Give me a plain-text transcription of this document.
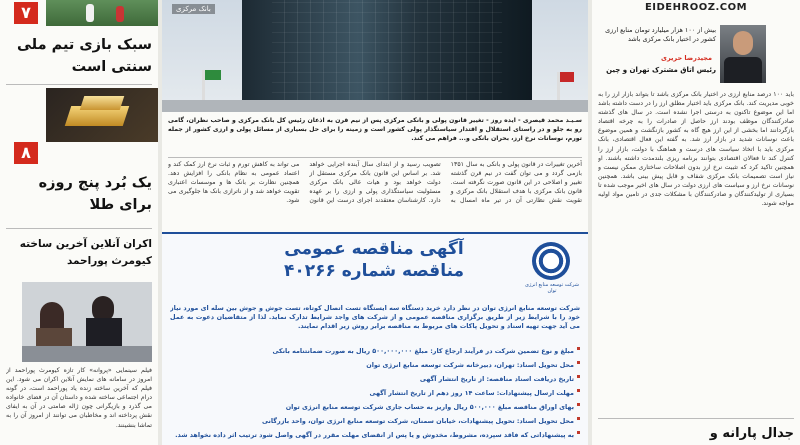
٧
سبک بازی تیم ملی سنتی است
٨
یک بُرد پنج روزه برای طلا
اکران آنلاین آخرین ساخته کیومرث پوراحمد
فیلم سینمایی «پروانه» کار تازه کیومرث پوراحمد از امروز در سامانه های نمایش آنلاین اکران می شود. این فیلم که آخرین ساخته زنده یاد پوراحمد است، در گونه درام اجتماعی ساخته شده و داستان آن در فضای خانواده می گذرد و بازیگرانی چون ژاله صامتی در آن به ایفای نقش پرداخته اند و مخاطبان می توانند از امروز آن را به تماشا بنشینند.
سـیـد محمد قیصری - ایده روز - تغییر قانون پولی و بانکی مرکزی پس از نیم قرن به اذعان رئیس کل بانک مرکزی و صاحب نظران، گامی رو به جلو و در راستای استقلال و اقتدار سیاستگذار پولی کشور است و زمینه را برای حل بسیاری از مسائل پولی و ارزی کشور از جمله تورم، نوسانات نرخ ارز، بحران بانکی و... فراهم می کند.
آخرین تغییرات در قانون پولی و بانکی به سال ۱۳۵۱ بازمی گردد و می توان گفت در نیم قرن گذشته تغییر و اصلاحی در این قانون صورت نگرفته است. قانون بانک مرکزی با هدف استقلال بانک مرکزی و تقویت نقش نظارتی آن در تیر ماه امسال به تصویب رسید و از ابتدای سال آینده اجرایی خواهد شد. بر اساس این قانون بانک مرکزی مستقل از دولت خواهد بود و هیات عالی بانک مرکزی مسئولیت سیاستگذاری پولی و ارزی را بر عهده دارد. کارشناسان معتقدند اجرای درست این قانون می تواند به کاهش تورم و ثبات نرخ ارز کمک کند و اعتماد عمومی به نظام بانکی را افزایش دهد. همچنین نظارت بر بانک ها و موسسات اعتباری تقویت خواهد شد و از ناترازی بانک ها جلوگیری می شود.
بانک مرکزی
شرکت توسعه منابع انرژی توان
آگهی مناقصه عمومی
مناقصه شماره ۴۰۲۶۶
شرکت توسعه منابع انرژی توان در نظر دارد خرید دستگاه سه ایستگاه تست اتصال کوتاه، تست جوش و جوش بین سله ای مورد نیاز خود را با شرایط زیر از طریق برگزاری مناقصه عمومی و از شرکت های واجد شرایط تدارک نماید. لذا از متقاضیان دعوت به عمل می آید جهت تهیه اسناد و تحویل پاکات های مربوط به مناقصه برابر روش زیر اقدام نمایند.
مبلغ و نوع تضمین شرکت در فرآیند ارجاع کار: مبلغ ۵۰۰,۰۰۰,۰۰۰ ریال به صورت ضمانتنامه بانکی
محل تحویل اسناد: تهران، دبیرخانه شرکت توسعه منابع انرژی توان
تاریخ دریافت اسناد مناقصه: از تاریخ انتشار آگهی
مهلت ارسال پیشنهادات: ساعت ۱۴ روز دهم از تاریخ انتشار آگهی
بهای اوراق مناقصه مبلغ ۵۰۰,۰۰۰ ریال واریز به حساب جاری شرکت توسعه منابع انرژی توان
محل تحویل اسناد: تحویل پیشنهادات، خیابان سمنان، شرکت توسعه منابع انرژی توان، واحد بازرگانی
به پیشنهاداتی که فاقد سپرده، مشروط، مخدوش و یا پس از انقضای مهلت مقرر در آگهی واصل شود ترتیب اثر داده نخواهد شد.
EIDEHROOZ.COM
بیش از ۱۰۰ هزار میلیارد تومان منابع ارزی کشور در اختیار بانک مرکزی باشد
مجیدرضا حریری
رئیس اتاق مشترک تهران و چین
باید ۱۰۰ درصد منابع ارزی در اختیار بانک مرکزی باشد تا بتواند بازار ارز را به خوبی مدیریت کند. بانک مرکزی باید اختیار مطلق ارز را در دست داشته باشد اما این موضوع تاکنون به درستی اجرا نشده است. در سال های گذشته صادرکنندگان موظف بودند ارز حاصل از صادرات را به چرخه اقتصاد بازگردانند اما بخشی از این ارز هیچ گاه به کشور بازنگشت و همین موضوع باعث نوسانات شدید در بازار ارز شد. به گفته این فعال اقتصادی، بانک مرکزی باید با اتخاذ سیاست های درست و هماهنگ با دولت، بازار ارز را کنترل کند تا فعالان اقتصادی بتوانند برنامه ریزی بلندمدت داشته باشند. او همچنین تاکید کرد که تثبیت نرخ ارز بدون اصلاحات ساختاری ممکن نیست و نیاز است تصمیمات بانک مرکزی شفاف و قابل پیش بینی باشد. همچنین نوسانات نرخ ارز و سیاست های ارزی دولت در سال های اخیر موجب شده تا بسیاری از تولیدکنندگان و صادرکنندگان با مشکلات جدی در تامین مواد اولیه مواجه شوند.
جدال پارانه و
